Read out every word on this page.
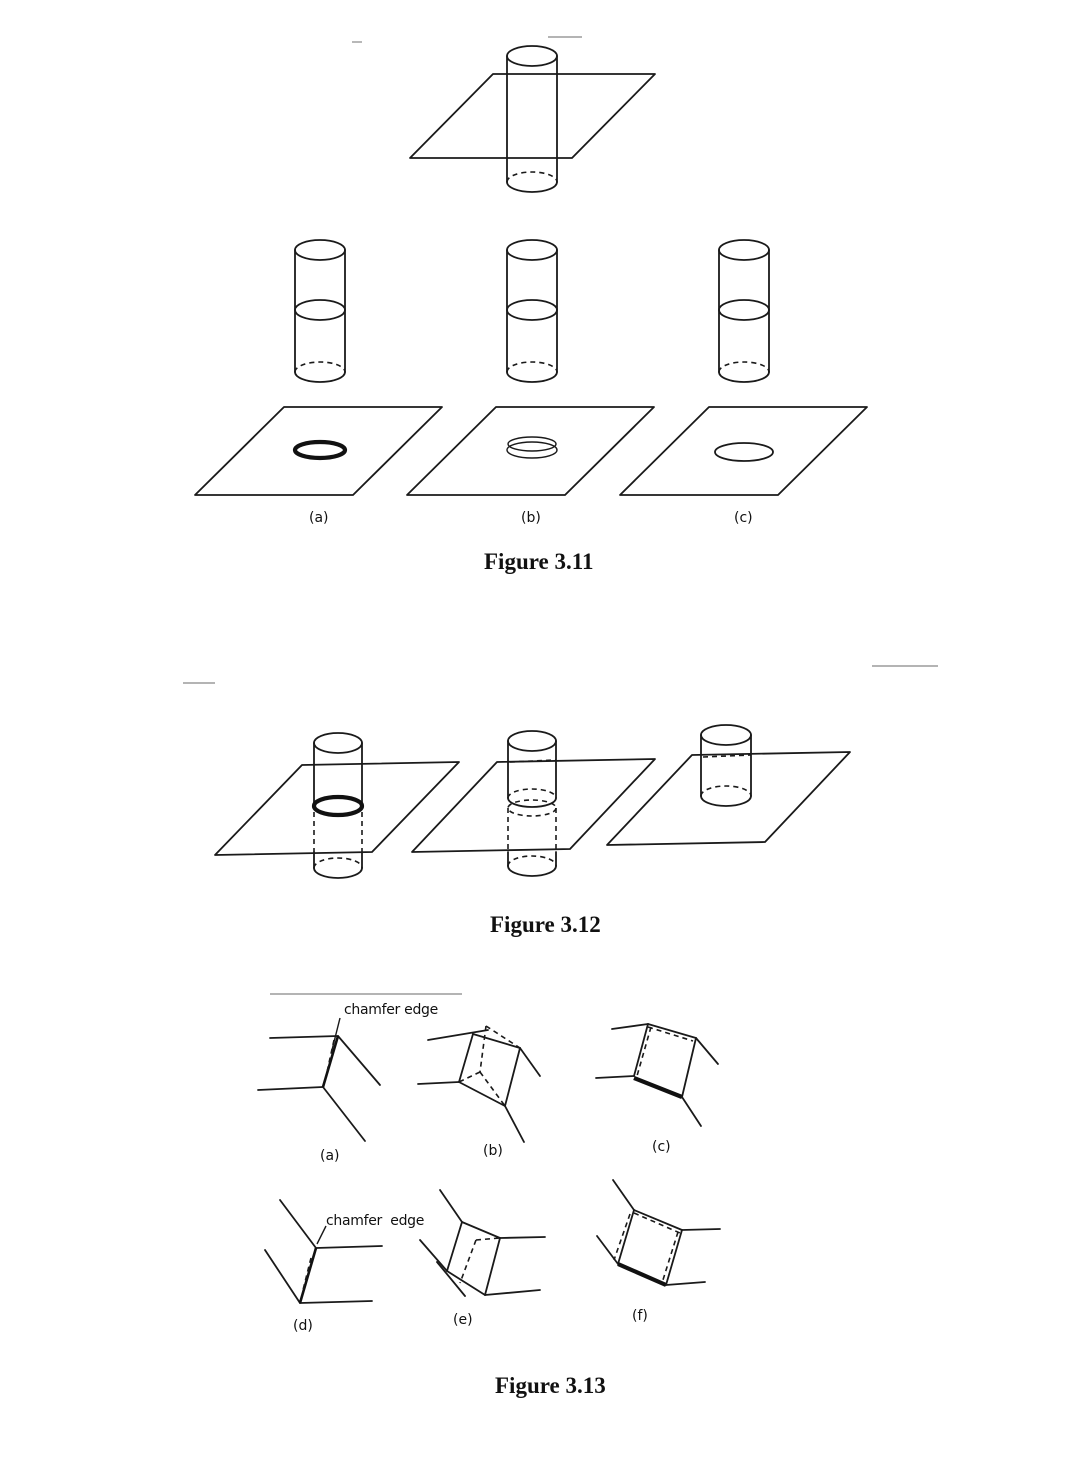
(a)	(b)	(c)
Figure 3.11
Figure 3.12
chamfer edge
chamfer  edge
(a)	(b)	(c)
(d)	(e)	(f)
Figure 3.13
